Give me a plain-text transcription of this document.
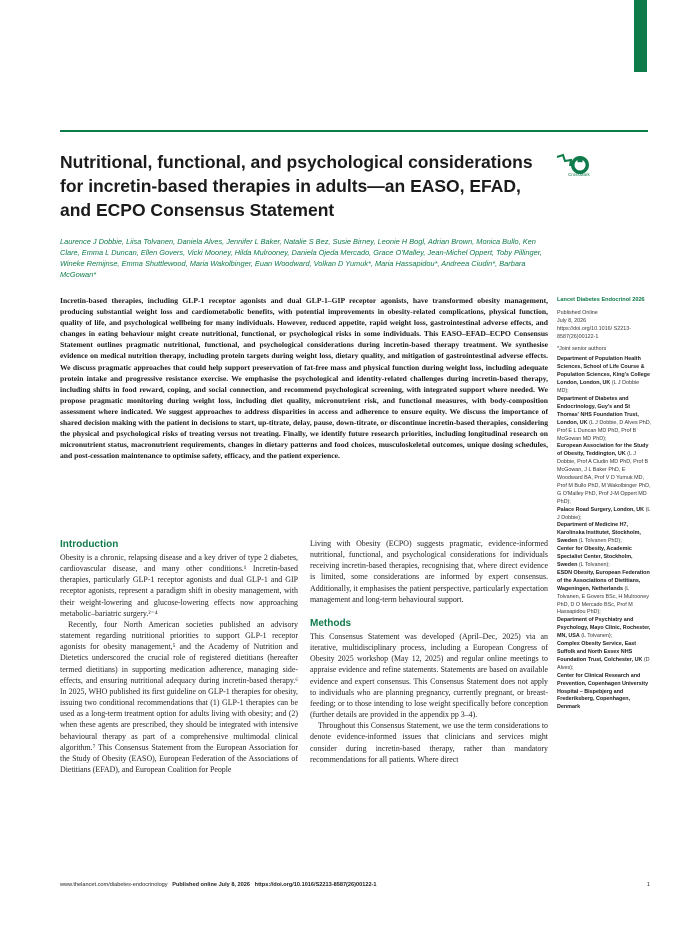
Nutritional, functional, and psychological considerations for incretin-based therapies in adults—an EASO, EFAD, and ECPO Consensus Statement
CrossMark

Laurence J Dobbie, Liisa Tolvanen, Daniela Alves, Jennifer L Baker, Natalie S Bez, Susie Birney, Leonie H Bogl, Adrian Brown, Monica Bullo, Ken Clare, Emma L Duncan, Ellen Govers, Vicki Mooney, Hilda Mulrooney, Daniela Ojeda Mercado, Grace O'Malley, Jean-Michel Oppert, Toby Pillinger, Wineke Remijnse, Emma Shuttlewood, Maria Wakolbinger, Euan Woodward, Volkan D Yumuk*, Maria Hassapidou*, Andreea Ciudin*, Barbara McGowan*

Incretin-based therapies, including GLP-1 receptor agonists and dual GLP-1–GIP receptor agonists, have transformed obesity management, producing substantial weight loss and cardiometabolic benefits, with potential improvements in obesity-related complications, physical function, quality of life, and psychological wellbeing for many individuals. However, reduced appetite, rapid weight loss, gastrointestinal adverse effects, and changes in eating behaviour might create nutritional, functional, or psychological risks in some individuals. This EASO–EFAD–ECPO Consensus Statement outlines pragmatic nutritional, functional, and psychological considerations during incretin-based therapy treatment. We synthesise evidence on medical nutrition therapy, including protein targets during weight loss, dietary quality, and mitigation of gastrointestinal adverse effects. We discuss pragmatic approaches that could help support preservation of fat-free mass and physical function during weight loss, including adequate protein intake and progressive resistance exercise. We emphasise the psychological and identity-related challenges during incretin-based therapy, including shifts in food reward, coping, and social connection, and recommend psychological screening, with integrated support where needed. We propose pragmatic monitoring during weight loss, including diet quality, micronutrient risk, and functional measures, with body-composition assessment where indicated. We suggest approaches to address disparities in access and adherence to ensure equity. We discuss the importance of shared decision making with the patient in decisions to start, up-titrate, delay, pause, down-titrate, or discontinue incretin-based therapies, considering the physical and psychological risks of treating versus not treating. Finally, we identify future research priorities, including longitudinal research on micronutrient status, macronutrient requirements, changes in dietary patterns and food choices, musculoskeletal outcomes, unique dosing schedules, and post-cessation maintenance to optimise safety, efficacy, and the patient experience.

Introduction

Obesity is a chronic, relapsing disease and a key driver of type 2 diabetes, cardiovascular disease, and many other conditions.¹ Incretin-based therapies, particularly GLP-1 receptor agonists and dual GLP-1 and GIP receptor agonists, represent a paradigm shift in obesity management, with their weight-lowering and glucose-lowering effects now approaching metabolic–bariatric surgery.²⁻⁴

Recently, four North American societies published an advisory statement regarding nutritional priorities to support GLP-1 receptor agonists for obesity management,⁵ and the Academy of Nutrition and Dietetics underscored the crucial role of registered dietitians (hereafter termed dietitians) in supporting medication adherence, managing side-effects, and ensuring nutritional adequacy during incretin-based therapy.⁶ In 2025, WHO published its first guideline on GLP-1 therapies for obesity, issuing two conditional recommendations that (1) GLP-1 therapies can be used as a long-term treatment option for adults living with obesity; and (2) when these agents are prescribed, they should be integrated with intensive behavioural therapy as part of a comprehensive multimodal clinical algorithm.⁷ This Consensus Statement from the European Association for the Study of Obesity (EASO), European Federation of the Associations of Dietitians (EFAD), and European Coalition for People

Living with Obesity (ECPO) suggests pragmatic, evidence-informed nutritional, functional, and psychological considerations for individuals receiving incretin-based therapies, recognising that, where direct evidence is limited, some considerations are informed by expert consensus. Additionally, it emphasises the patient perspective, particularly expectation management and long-term behavioural support.

Methods

This Consensus Statement was developed (April–Dec, 2025) via an iterative, multidisciplinary process, including a European Congress of Obesity 2025 workshop (May 12, 2025) and regular online meetings to appraise evidence and refine statements. Statements are based on available evidence and expert consensus. This Consensus Statement does not apply to individuals who are planning pregnancy, currently pregnant, or breast-feeding; or to those intending to lose weight specifically before conception (further details are provided in the appendix pp 3–4).

Throughout this Consensus Statement, we use the term considerations to denote evidence-informed issues that clinicians and services might consider during incretin-based therapy, rather than mandatory recommendations for all patients. Where direct

Lancet Diabetes Endocrinol 2026
Published Online
July 8, 2026
https://doi.org/10.1016/ S2213-8587(26)00122-1
*Joint senior authors

Department of Population Health Sciences, School of Life Course & Population Sciences, King's College London, London, UK (L J Dobbie MD);

Department of Diabetes and Endocrinology, Guy's and St Thomas' NHS Foundation Trust, London, UK (L J Dobbie, D Alves PhD, Prof E L Duncan MD PhD, Prof B McGowan MD PhD);

European Association for the Study of Obesity, Teddington, UK (L J Dobbie, Prof A Ciudin MD PhD, Prof B McGowan, J L Baker PhD, E Woodward BA, Prof V D Yumuk MD, Prof M Bullo PhD, M Wakolbinger PhD, G O'Malley PhD, Prof J-M Oppert MD PhD);

Palace Road Surgery, London, UK (L J Dobbie);

Department of Medicine H7, Karolinska Institutet, Stockholm, Sweden (L Tolvanen PhD);

Center for Obesity, Academic Specialist Center, Stockholm, Sweden (L Tolvanen);

ESDN Obesity, European Federation of the Associations of Dietitians, Wageningen, Netherlands (L Tolvanen, E Govers BSc, H Mulrooney PhD, D O Mercado BSc, Prof M Hassapidou PhD);

Department of Psychiatry and Psychology, Mayo Clinic, Rochester, MN, USA (L Tolvanen);

Complex Obesity Service, East Suffolk and North Essex NHS Foundation Trust, Colchester, UK (D Alves);

Center for Clinical Research and Prevention, Copenhagen University Hospital – Bispebjerg and Frederiksberg, Copenhagen, Denmark

www.thelancet.com/diabetes-endocrinology Published online July 8, 2026 https://doi.org/10.1016/S2213-8587(26)00122-1	1
